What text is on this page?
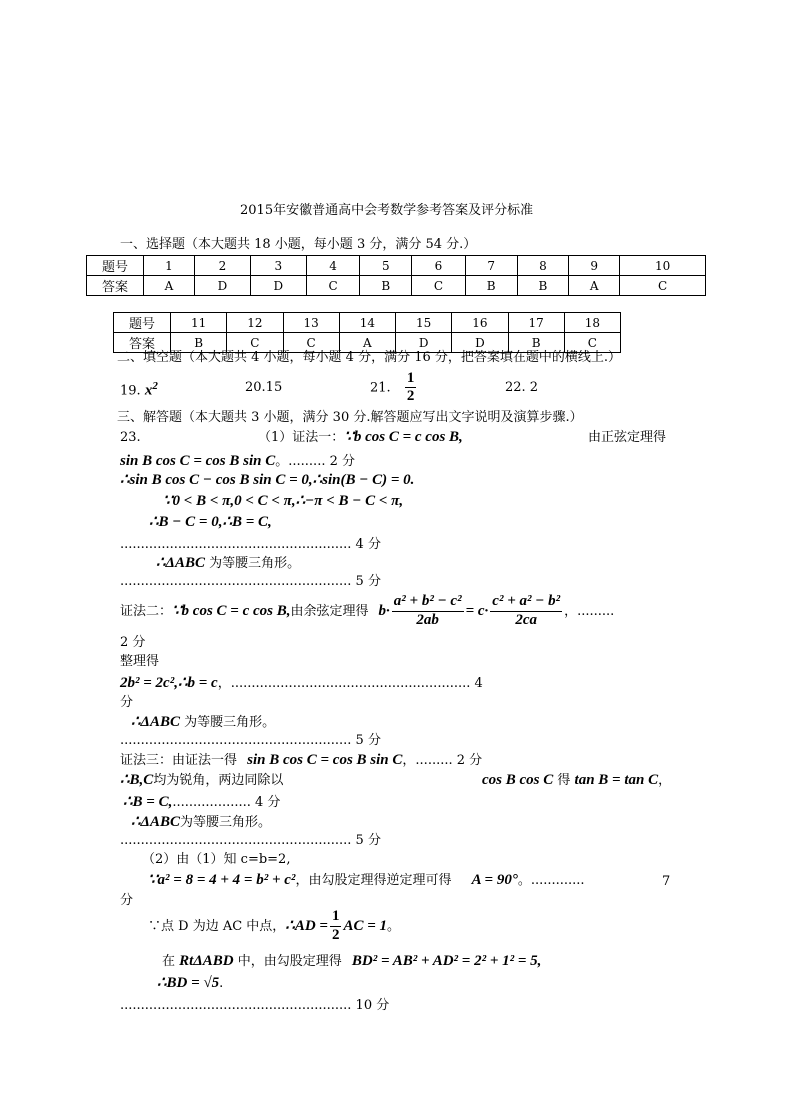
2015年安徽普通高中会考数学参考答案及评分标准
一、选择题（本大题共 18 小题，每小题 3 分，满分 54 分.）
题号	1	2	3	4	5	6	7	8	9	10
答案	A	D	D	C	B	C	B	B	A	C
题号	11	12	13	14	15	16	17	18
答案	B	C	C	A	D	D	B	C
二、填空题（本大题共 4 小题，每小题 4 分，满分 16 分，把答案填在题中的横线上.）
19. $x^2$	20.15	21. $\frac{1}{2}$	22. 2
三、解答题（本大题共 3 小题，满分 30 分.解答题应写出文字说明及演算步骤.）
23.	（1）证法一：∵b cos C = c cos B,	由正弦定理得
sin B cos C = cos B sin C。......... 2 分
∴sin B cos C − cos B sin C = 0,∴sin(B − C) = 0.
∵0 < B < π,0 < C < π,∴−π < B − C < π,
∴B − C = 0,∴B = C,
........................................................ 4 分
∴ΔABC 为等腰三角形。
........................................................ 5 分
证法二： ∵b cos C = c cos B, 由余弦定理得 $b\cdot \frac{\text{a² + b² − c²}}{2ab} = c\cdot \frac{\text{c² + a² − b²}}{2ca}$ ，.........
2 分
整理得
2b² = 2c²,∴b = c，.......................................................... 4
分
∴ΔABC 为等腰三角形。
........................................................ 5 分
证法三：由证法一得 sin B cos C = cos B sin C，......... 2 分
∴B,C均为锐角，两边同除以	cos B cos C 得 tan B = tan C，
∴B = C,................... 4 分
∴ΔABC为等腰三角形。
........................................................ 5 分
（2）由（1）知 c=b=2,
∵a² = 8 = 4 + 4 = b² + c²，由勾股定理得逆定理可得 A = 90°。.............	7
分
∵点 D 为边 AC 中点， ∴AD = $\frac{1}{2}$ AC = 1 。
在 RtΔABD 中，由勾股定理得 BD² = AB² + AD² = 2² + 1² = 5,
∴BD = √5.
........................................................ 10 分
